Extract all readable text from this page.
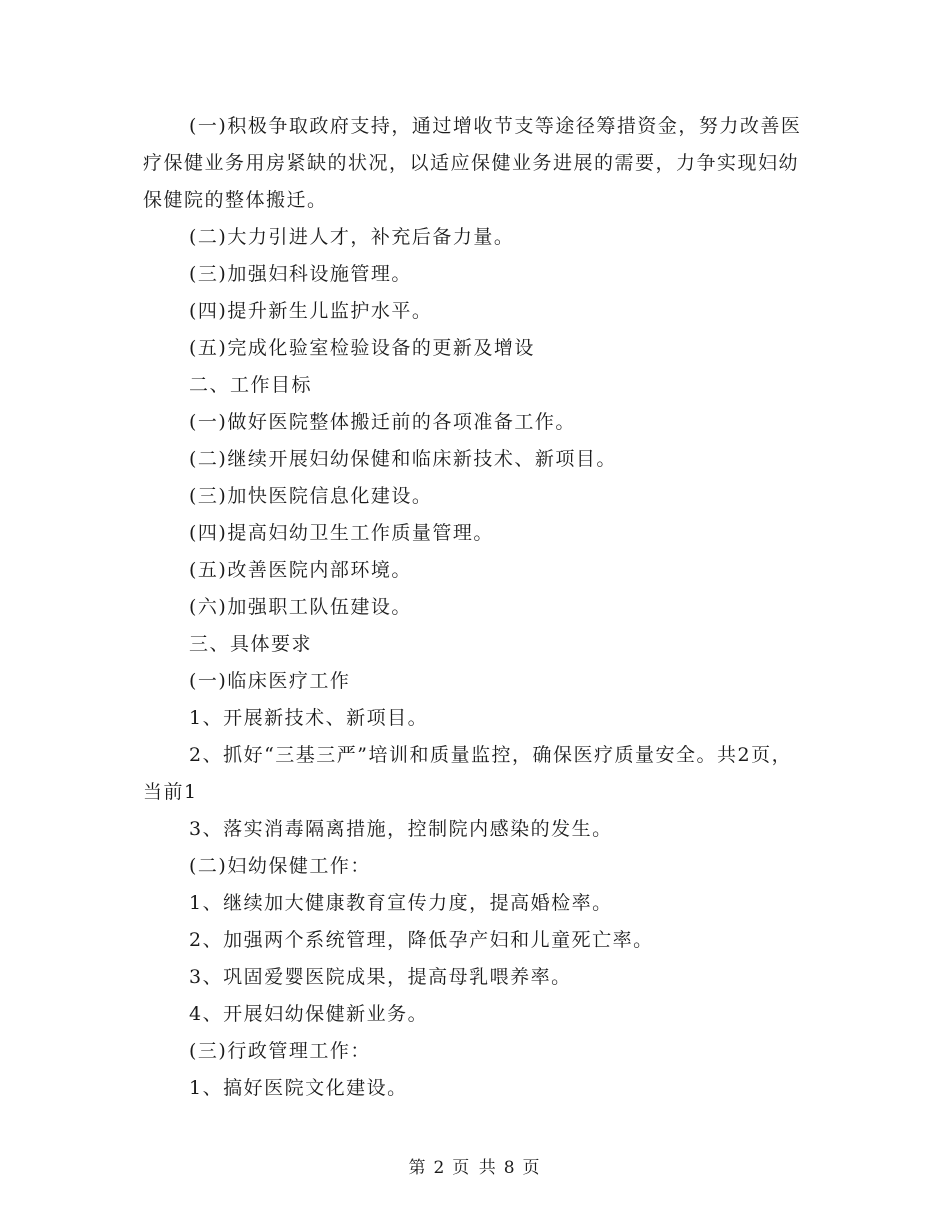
(一)积极争取政府支持，通过增收节支等途径筹措资金，努力改善医疗保健业务用房紧缺的状况，以适应保健业务进展的需要，力争实现妇幼保健院的整体搬迁。

(二)大力引进人才，补充后备力量。

(三)加强妇科设施管理。

(四)提升新生儿监护水平。

(五)完成化验室检验设备的更新及增设

二、工作目标

(一)做好医院整体搬迁前的各项准备工作。

(二)继续开展妇幼保健和临床新技术、新项目。

(三)加快医院信息化建设。

(四)提高妇幼卫生工作质量管理。

(五)改善医院内部环境。

(六)加强职工队伍建设。

三、具体要求

(一)临床医疗工作

1、开展新技术、新项目。

2、抓好“三基三严”培训和质量监控，确保医疗质量安全。共2页，当前1

3、落实消毒隔离措施，控制院内感染的发生。

(二)妇幼保健工作：

1、继续加大健康教育宣传力度，提高婚检率。

2、加强两个系统管理，降低孕产妇和儿童死亡率。

3、巩固爱婴医院成果，提高母乳喂养率。

4、开展妇幼保健新业务。

(三)行政管理工作：

1、搞好医院文化建设。

第 2 页 共 8 页
